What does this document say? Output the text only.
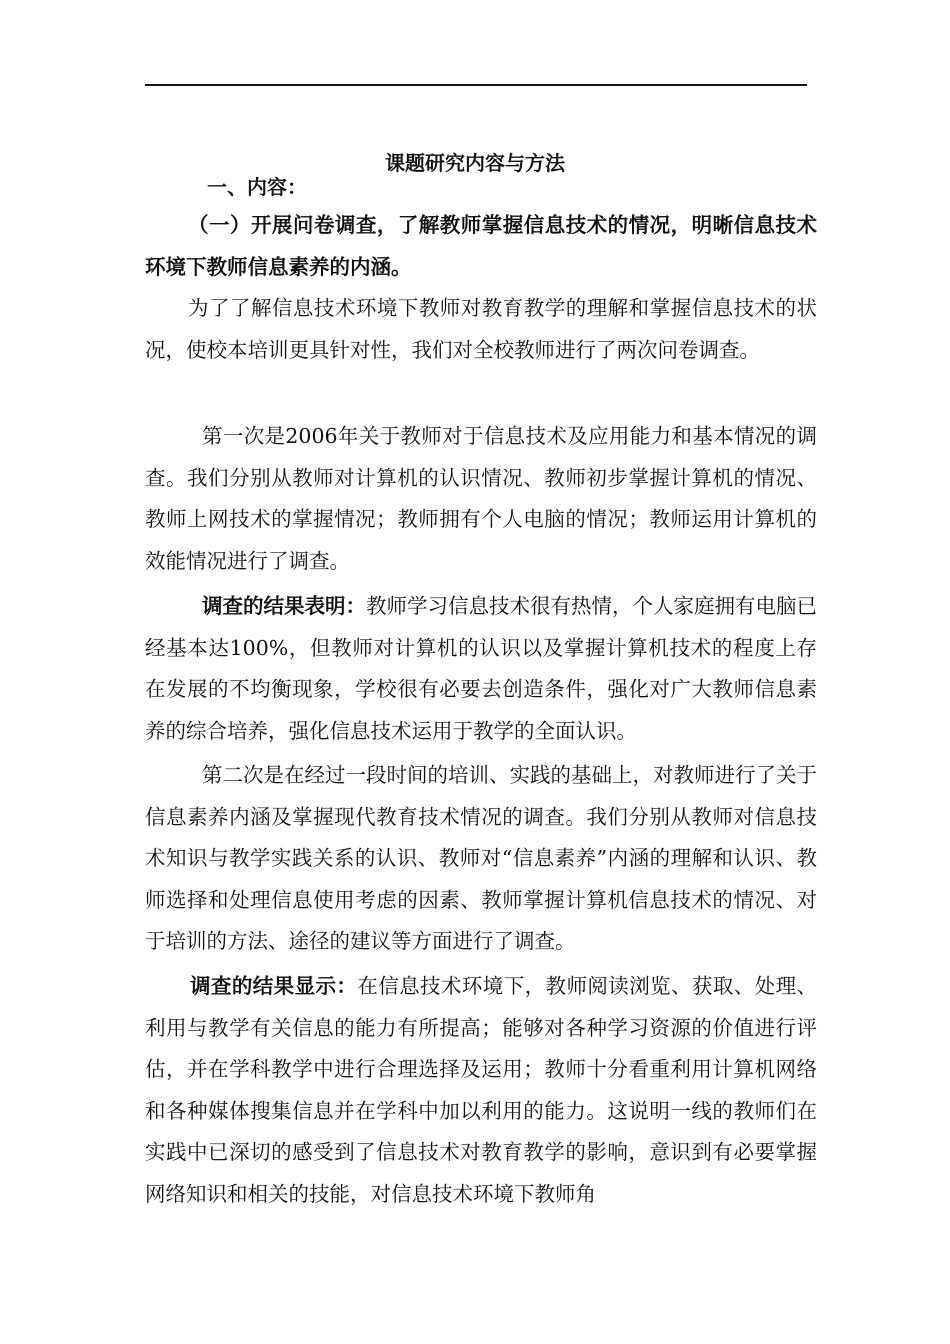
课题研究内容与方法
一、内容：
（一）开展问卷调查，了解教师掌握信息技术的情况，明晰信息技术环境下教师信息素养的内涵。
为了了解信息技术环境下教师对教育教学的理解和掌握信息技术的状况，使校本培训更具针对性，我们对全校教师进行了两次问卷调查。
第一次是2006年关于教师对于信息技术及应用能力和基本情况的调查。我们分别从教师对计算机的认识情况、教师初步掌握计算机的情况、教师上网技术的掌握情况；教师拥有个人电脑的情况；教师运用计算机的效能情况进行了调查。
调查的结果表明：教师学习信息技术很有热情，个人家庭拥有电脑已经基本达100%，但教师对计算机的认识以及掌握计算机技术的程度上存在发展的不均衡现象，学校很有必要去创造条件，强化对广大教师信息素养的综合培养，强化信息技术运用于教学的全面认识。
第二次是在经过一段时间的培训、实践的基础上，对教师进行了关于信息素养内涵及掌握现代教育技术情况的调查。我们分别从教师对信息技术知识与教学实践关系的认识、教师对“信息素养”内涵的理解和认识、教师选择和处理信息使用考虑的因素、教师掌握计算机信息技术的情况、对于培训的方法、途径的建议等方面进行了调查。
调查的结果显示：在信息技术环境下，教师阅读浏览、获取、处理、利用与教学有关信息的能力有所提高；能够对各种学习资源的价值进行评估，并在学科教学中进行合理选择及运用；教师十分看重利用计算机网络和各种媒体搜集信息并在学科中加以利用的能力。这说明一线的教师们在实践中已深切的感受到了信息技术对教育教学的影响，意识到有必要掌握网络知识和相关的技能，对信息技术环境下教师角
